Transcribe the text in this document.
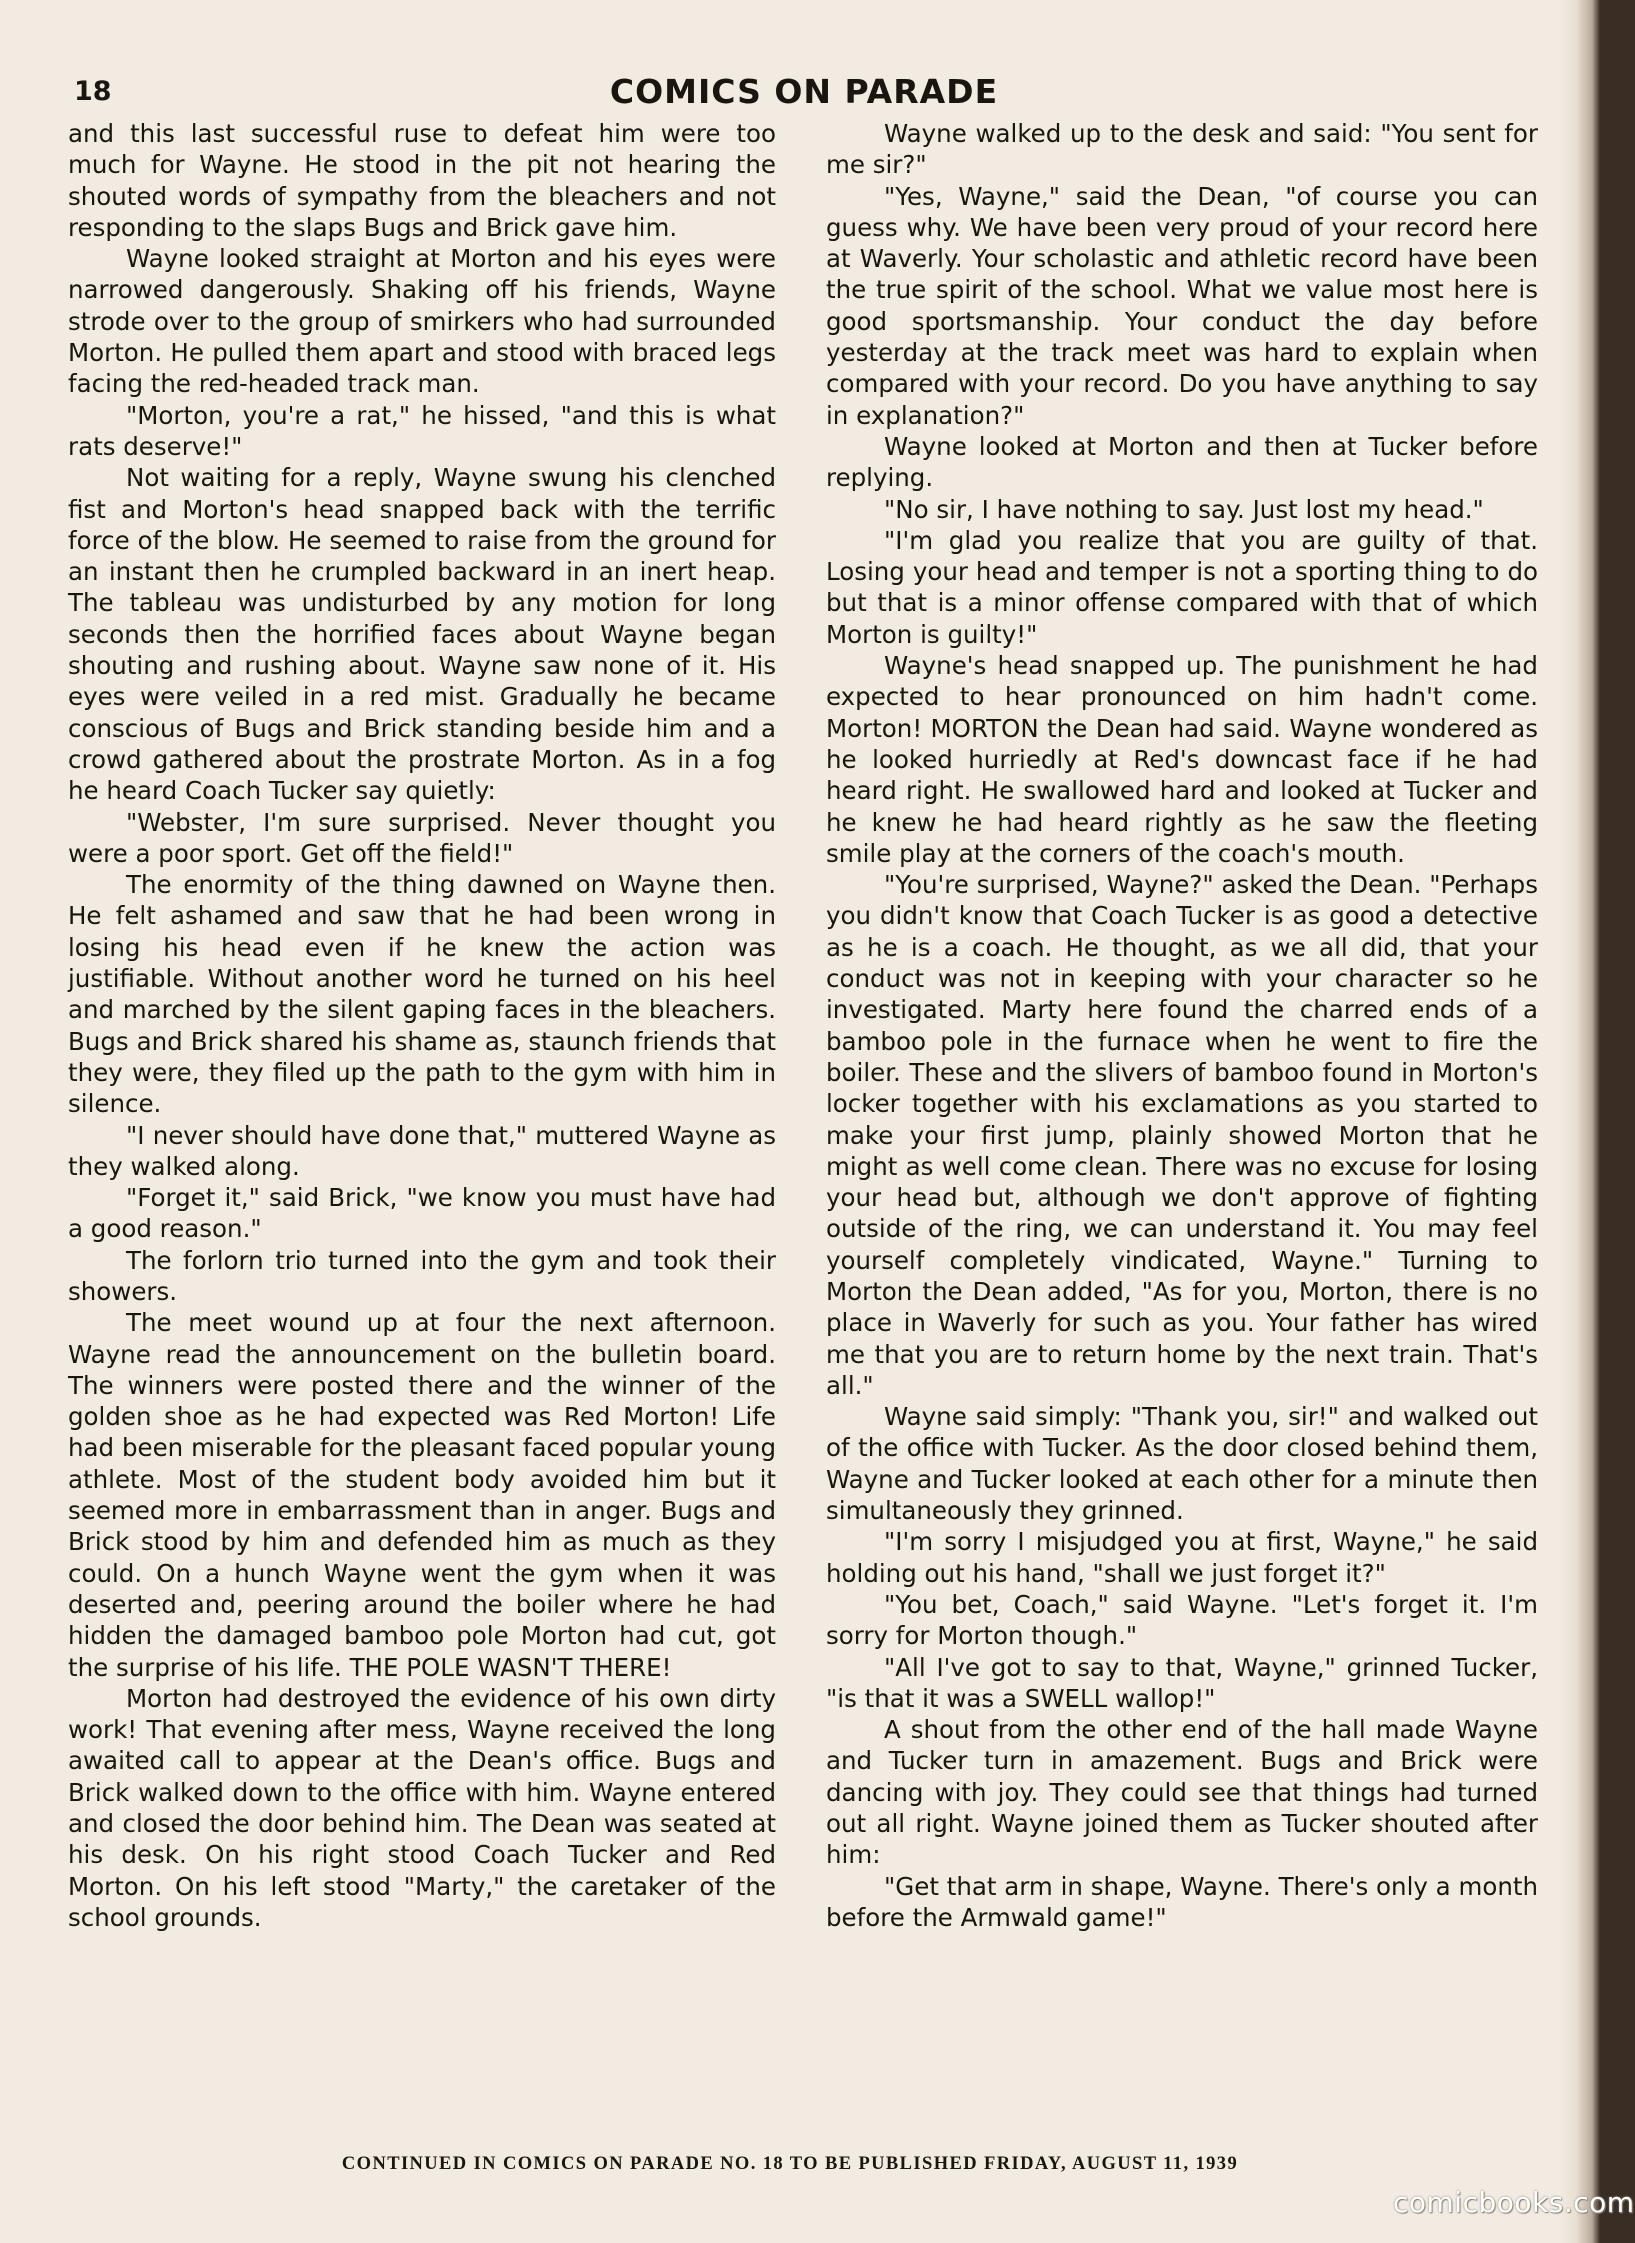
18	COMICS ON PARADE

and this last successful ruse to defeat him were too much for Wayne. He stood in the pit not hearing the shouted words of sympathy from the bleachers and not responding to the slaps Bugs and Brick gave him.

Wayne looked straight at Morton and his eyes were narrowed dangerously. Shaking off his friends, Wayne strode over to the group of smirkers who had surrounded Morton. He pulled them apart and stood with braced legs facing the red-headed track man.

"Morton, you're a rat," he hissed, "and this is what rats deserve!"

Not waiting for a reply, Wayne swung his clenched fist and Morton's head snapped back with the terrific force of the blow. He seemed to raise from the ground for an instant then he crumpled backward in an inert heap. The tableau was undisturbed by any motion for long seconds then the horrified faces about Wayne began shouting and rushing about. Wayne saw none of it. His eyes were veiled in a red mist. Gradually he became conscious of Bugs and Brick standing beside him and a crowd gathered about the prostrate Morton. As in a fog he heard Coach Tucker say quietly:

"Webster, I'm sure surprised. Never thought you were a poor sport. Get off the field!"

The enormity of the thing dawned on Wayne then. He felt ashamed and saw that he had been wrong in losing his head even if he knew the action was justifiable. Without another word he turned on his heel and marched by the silent gaping faces in the bleachers. Bugs and Brick shared his shame as, staunch friends that they were, they filed up the path to the gym with him in silence.

"I never should have done that," muttered Wayne as they walked along.

"Forget it," said Brick, "we know you must have had a good reason."

The forlorn trio turned into the gym and took their showers.

The meet wound up at four the next afternoon. Wayne read the announcement on the bulletin board. The winners were posted there and the winner of the golden shoe as he had expected was Red Morton! Life had been miserable for the pleasant faced popular young athlete. Most of the student body avoided him but it seemed more in embarrassment than in anger. Bugs and Brick stood by him and defended him as much as they could. On a hunch Wayne went the gym when it was deserted and, peering around the boiler where he had hidden the damaged bamboo pole Morton had cut, got the surprise of his life. THE POLE WASN'T THERE!

Morton had destroyed the evidence of his own dirty work! That evening after mess, Wayne received the long awaited call to appear at the Dean's office. Bugs and Brick walked down to the office with him. Wayne entered and closed the door behind him. The Dean was seated at his desk. On his right stood Coach Tucker and Red Morton. On his left stood "Marty," the caretaker of the school grounds.

Wayne walked up to the desk and said: "You sent for me sir?"

"Yes, Wayne," said the Dean, "of course you can guess why. We have been very proud of your record here at Waverly. Your scholastic and athletic record have been the true spirit of the school. What we value most here is good sportsmanship. Your conduct the day before yesterday at the track meet was hard to explain when compared with your record. Do you have anything to say in explanation?"

Wayne looked at Morton and then at Tucker before replying.

"No sir, I have nothing to say. Just lost my head."

"I'm glad you realize that you are guilty of that. Losing your head and temper is not a sporting thing to do but that is a minor offense compared with that of which Morton is guilty!"

Wayne's head snapped up. The punishment he had expected to hear pronounced on him hadn't come. Morton! MORTON the Dean had said. Wayne wondered as he looked hurriedly at Red's downcast face if he had heard right. He swallowed hard and looked at Tucker and he knew he had heard rightly as he saw the fleeting smile play at the corners of the coach's mouth.

"You're surprised, Wayne?" asked the Dean. "Perhaps you didn't know that Coach Tucker is as good a detective as he is a coach. He thought, as we all did, that your conduct was not in keeping with your character so he investigated. Marty here found the charred ends of a bamboo pole in the furnace when he went to fire the boiler. These and the slivers of bamboo found in Morton's locker together with his exclamations as you started to make your first jump, plainly showed Morton that he might as well come clean. There was no excuse for losing your head but, although we don't approve of fighting outside of the ring, we can understand it. You may feel yourself completely vindicated, Wayne." Turning to Morton the Dean added, "As for you, Morton, there is no place in Waverly for such as you. Your father has wired me that you are to return home by the next train. That's all."

Wayne said simply: "Thank you, sir!" and walked out of the office with Tucker. As the door closed behind them, Wayne and Tucker looked at each other for a minute then simultaneously they grinned.

"I'm sorry I misjudged you at first, Wayne," he said holding out his hand, "shall we just forget it?"

"You bet, Coach," said Wayne. "Let's forget it. I'm sorry for Morton though."

"All I've got to say to that, Wayne," grinned Tucker, "is that it was a SWELL wallop!"

A shout from the other end of the hall made Wayne and Tucker turn in amazement. Bugs and Brick were dancing with joy. They could see that things had turned out all right. Wayne joined them as Tucker shouted after him:

"Get that arm in shape, Wayne. There's only a month before the Armwald game!"

CONTINUED IN COMICS ON PARADE NO. 18 TO BE PUBLISHED FRIDAY, AUGUST 11, 1939
comicbooks.com
